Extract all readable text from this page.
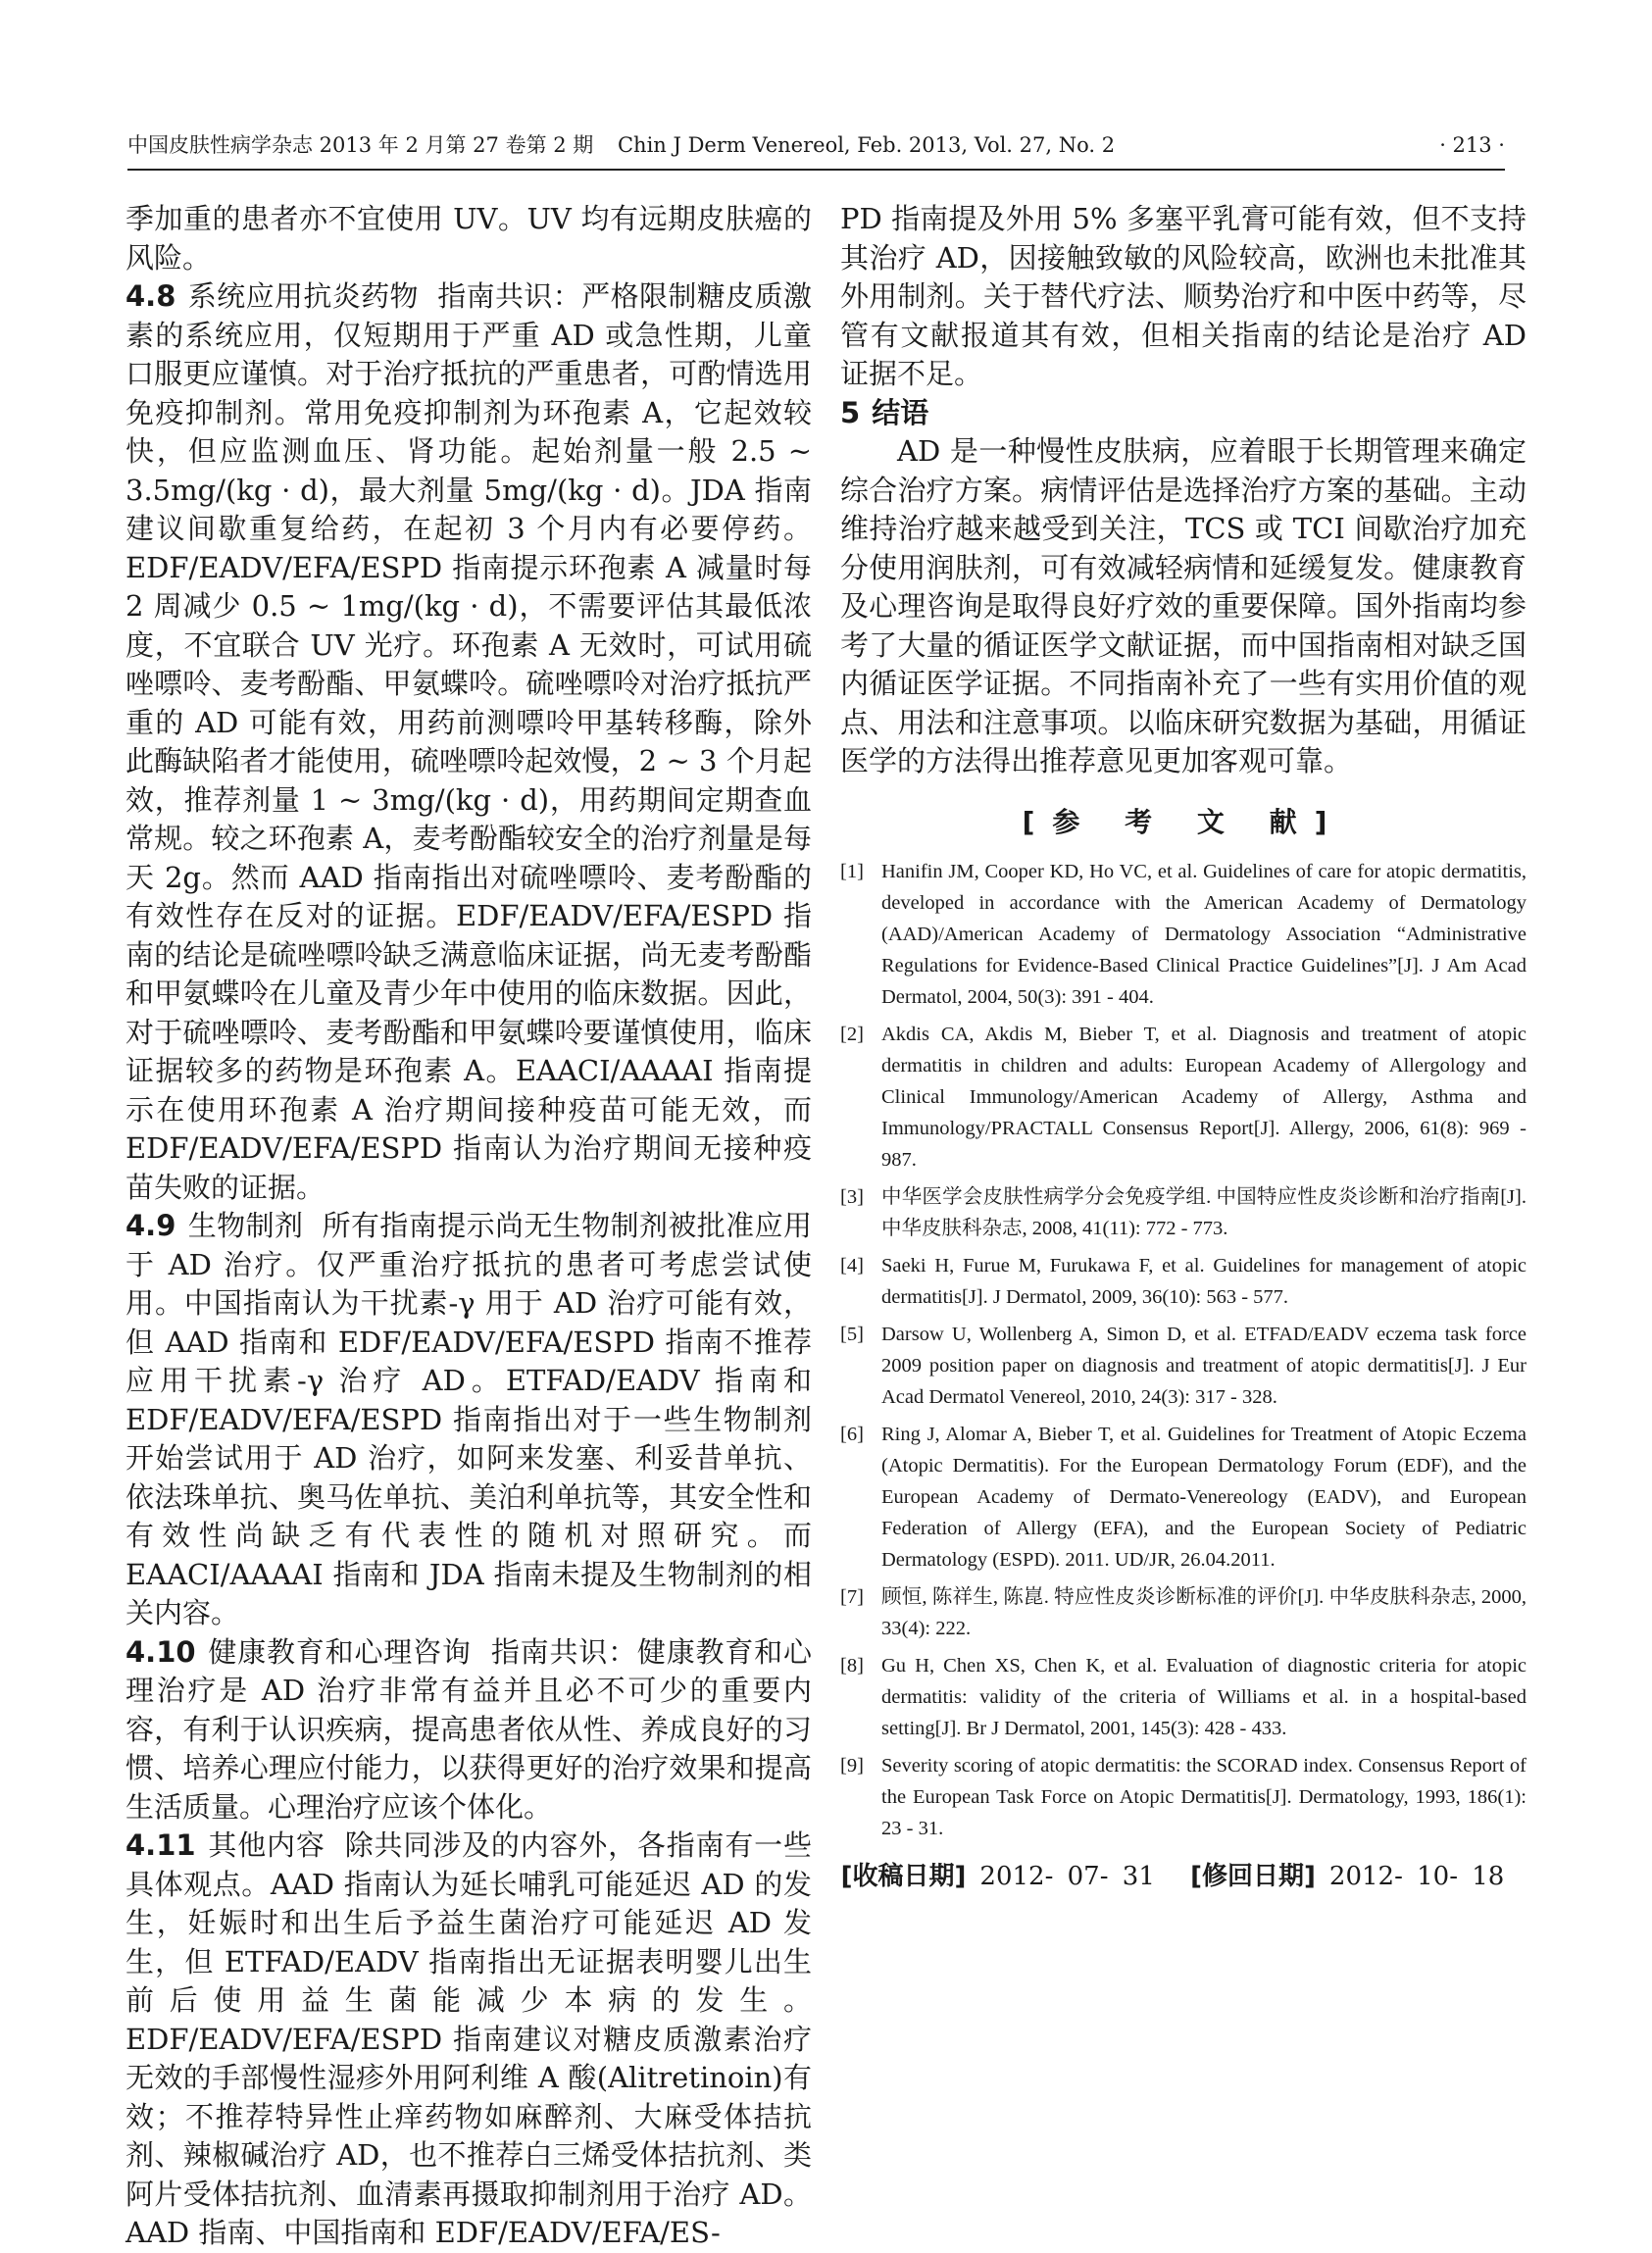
中国皮肤性病学杂志 2013 年 2 月第 27 卷第 2 期 Chin J Derm Venereol, Feb. 2013, Vol. 27, No. 2	· 213 ·

季加重的患者亦不宜使用 UV。UV 均有远期皮肤癌的风险。

4.8 系统应用抗炎药物 指南共识：严格限制糖皮质激素的系统应用，仅短期用于严重 AD 或急性期，儿童口服更应谨慎。对于治疗抵抗的严重患者，可酌情选用免疫抑制剂。常用免疫抑制剂为环孢素 A，它起效较快，但应监测血压、肾功能。起始剂量一般 2.5 ~ 3.5mg/(kg · d)，最大剂量 5mg/(kg · d)。JDA 指南建议间歇重复给药，在起初 3 个月内有必要停药。EDF/EADV/EFA/ESPD 指南提示环孢素 A 减量时每 2 周减少 0.5 ~ 1mg/(kg · d)，不需要评估其最低浓度，不宜联合 UV 光疗。环孢素 A 无效时，可试用硫唑嘌呤、麦考酚酯、甲氨蝶呤。硫唑嘌呤对治疗抵抗严重的 AD 可能有效，用药前测嘌呤甲基转移酶，除外此酶缺陷者才能使用，硫唑嘌呤起效慢，2 ~ 3 个月起效，推荐剂量 1 ~ 3mg/(kg · d)，用药期间定期查血常规。较之环孢素 A，麦考酚酯较安全的治疗剂量是每天 2g。然而 AAD 指南指出对硫唑嘌呤、麦考酚酯的有效性存在反对的证据。EDF/EADV/EFA/ESPD 指南的结论是硫唑嘌呤缺乏满意临床证据，尚无麦考酚酯和甲氨蝶呤在儿童及青少年中使用的临床数据。因此，对于硫唑嘌呤、麦考酚酯和甲氨蝶呤要谨慎使用，临床证据较多的药物是环孢素 A。EAACI/AAAAI 指南提示在使用环孢素 A 治疗期间接种疫苗可能无效，而 EDF/EADV/EFA/ESPD 指南认为治疗期间无接种疫苗失败的证据。

4.9 生物制剂 所有指南提示尚无生物制剂被批准应用于 AD 治疗。仅严重治疗抵抗的患者可考虑尝试使用。中国指南认为干扰素-γ 用于 AD 治疗可能有效，但 AAD 指南和 EDF/EADV/EFA/ESPD 指南不推荐应用干扰素-γ 治疗 AD。ETFAD/EADV 指南和 EDF/EADV/EFA/ESPD 指南指出对于一些生物制剂开始尝试用于 AD 治疗，如阿来发塞、利妥昔单抗、依法珠单抗、奥马佐单抗、美泊利单抗等，其安全性和有效性尚缺乏有代表性的随机对照研究。而 EAACI/AAAAI 指南和 JDA 指南未提及生物制剂的相关内容。

4.10 健康教育和心理咨询 指南共识：健康教育和心理治疗是 AD 治疗非常有益并且必不可少的重要内容，有利于认识疾病，提高患者依从性、养成良好的习惯、培养心理应付能力，以获得更好的治疗效果和提高生活质量。心理治疗应该个体化。

4.11 其他内容 除共同涉及的内容外，各指南有一些具体观点。AAD 指南认为延长哺乳可能延迟 AD 的发生，妊娠时和出生后予益生菌治疗可能延迟 AD 发生，但 ETFAD/EADV 指南指出无证据表明婴儿出生前后使用益生菌能减少本病的发生。EDF/EADV/EFA/ESPD 指南建议对糖皮质激素治疗无效的手部慢性湿疹外用阿利维 A 酸(Alitretinoin)有效；不推荐特异性止痒药物如麻醉剂、大麻受体拮抗剂、辣椒碱治疗 AD，也不推荐白三烯受体拮抗剂、类阿片受体拮抗剂、血清素再摄取抑制剂用于治疗 AD。AAD 指南、中国指南和 EDF/EADV/EFA/ES-

PD 指南提及外用 5% 多塞平乳膏可能有效，但不支持其治疗 AD，因接触致敏的风险较高，欧洲也未批准其外用制剂。关于替代疗法、顺势治疗和中医中药等，尽管有文献报道其有效，但相关指南的结论是治疗 AD 证据不足。

5 结语

AD 是一种慢性皮肤病，应着眼于长期管理来确定综合治疗方案。病情评估是选择治疗方案的基础。主动维持治疗越来越受到关注，TCS 或 TCI 间歇治疗加充分使用润肤剂，可有效减轻病情和延缓复发。健康教育及心理咨询是取得良好疗效的重要保障。国外指南均参考了大量的循证医学文献证据，而中国指南相对缺乏国内循证医学证据。不同指南补充了一些有实用价值的观点、用法和注意事项。以临床研究数据为基础，用循证医学的方法得出推荐意见更加客观可靠。

[参 考 文 献]
[1] Hanifin JM, Cooper KD, Ho VC, et al. Guidelines of care for atopic dermatitis, developed in accordance with the American Academy of Dermatology (AAD)/American Academy of Dermatology Association “Administrative Regulations for Evidence-Based Clinical Practice Guidelines”[J]. J Am Acad Dermatol, 2004, 50(3): 391 - 404.
[2] Akdis CA, Akdis M, Bieber T, et al. Diagnosis and treatment of atopic dermatitis in children and adults: European Academy of Allergology and Clinical Immunology/American Academy of Allergy, Asthma and Immunology/PRACTALL Consensus Report[J]. Allergy, 2006, 61(8): 969 - 987.
[3] 中华医学会皮肤性病学分会免疫学组. 中国特应性皮炎诊断和治疗指南[J]. 中华皮肤科杂志, 2008, 41(11): 772 - 773.
[4] Saeki H, Furue M, Furukawa F, et al. Guidelines for management of atopic dermatitis[J]. J Dermatol, 2009, 36(10): 563 - 577.
[5] Darsow U, Wollenberg A, Simon D, et al. ETFAD/EADV eczema task force 2009 position paper on diagnosis and treatment of atopic dermatitis[J]. J Eur Acad Dermatol Venereol, 2010, 24(3): 317 - 328.
[6] Ring J, Alomar A, Bieber T, et al. Guidelines for Treatment of Atopic Eczema (Atopic Dermatitis). For the European Dermatology Forum (EDF), and the European Academy of Dermato-Venereology (EADV), and European Federation of Allergy (EFA), and the European Society of Pediatric Dermatology (ESPD). 2011. UD/JR, 26.04.2011.
[7] 顾恒, 陈祥生, 陈崑. 特应性皮炎诊断标准的评价[J]. 中华皮肤科杂志, 2000, 33(4): 222.
[8] Gu H, Chen XS, Chen K, et al. Evaluation of diagnostic criteria for atopic dermatitis: validity of the criteria of Williams et al. in a hospital-based setting[J]. Br J Dermatol, 2001, 145(3): 428 - 433.
[9] Severity scoring of atopic dermatitis: the SCORAD index. Consensus Report of the European Task Force on Atopic Dermatitis[J]. Dermatology, 1993, 186(1): 23 - 31.
[收稿日期] 2012- 07- 31 [修回日期] 2012- 10- 18
